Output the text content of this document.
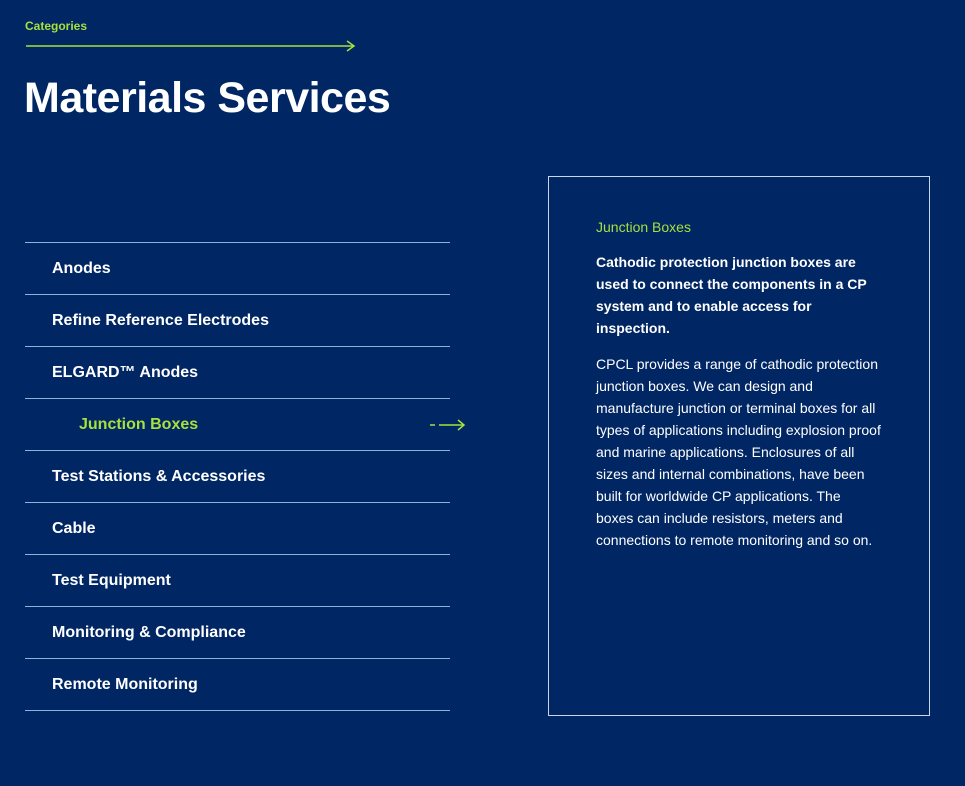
Categories
Materials Services
Anodes
Refine Reference Electrodes
ELGARD™ Anodes
Junction Boxes
Test Stations & Accessories
Cable
Test Equipment
Monitoring & Compliance
Remote Monitoring
Junction Boxes

Cathodic protection junction boxes are used to connect the components in a CP system and to enable access for inspection.

CPCL provides a range of cathodic protection junction boxes. We can design and manufacture junction or terminal boxes for all types of applications including explosion proof and marine applications. Enclosures of all sizes and internal combinations, have been built for worldwide CP applications. The boxes can include resistors, meters and connections to remote monitoring and so on.
